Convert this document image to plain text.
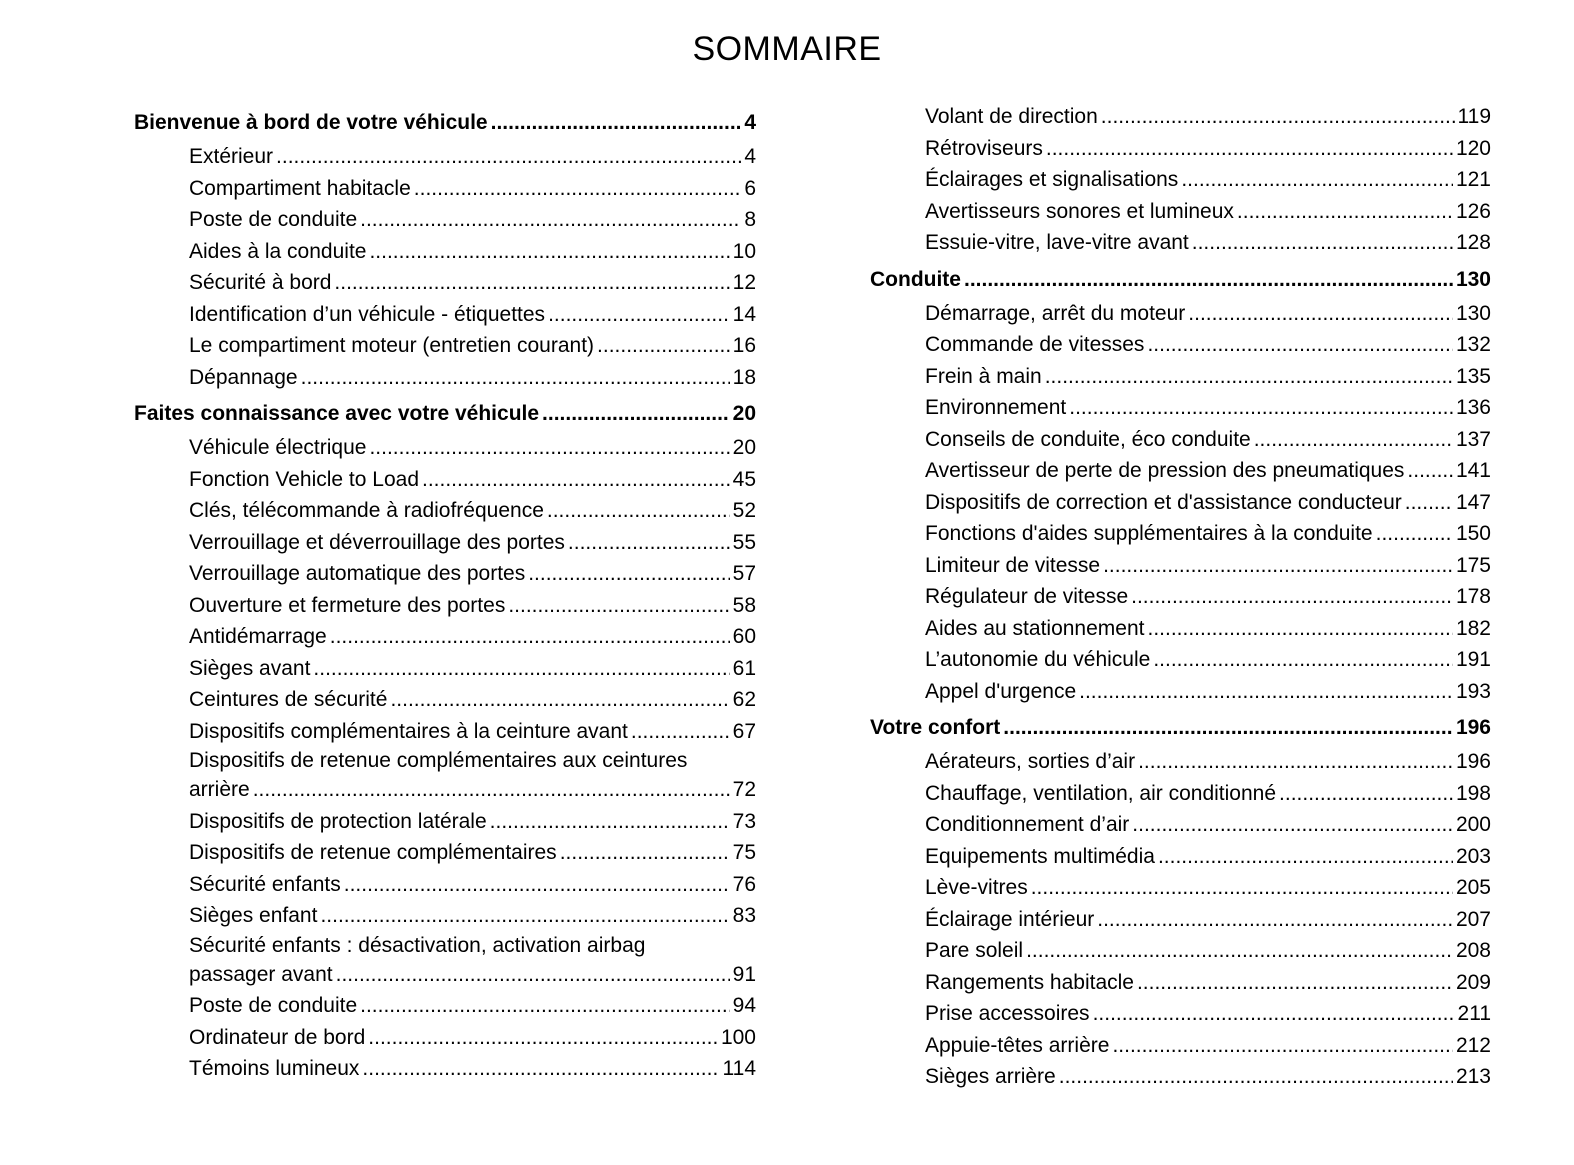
SOMMAIRE
Bienvenue à bord de votre véhicule .....	4
Extérieur .....	4
Compartiment habitacle .....	6
Poste de conduite .....	8
Aides à la conduite .....	10
Sécurité à bord .....	12
Identification d’un véhicule - étiquettes .....	14
Le compartiment moteur (entretien courant) .....	16
Dépannage .....	18
Faites connaissance avec votre véhicule .....	20
Véhicule électrique .....	20
Fonction Vehicle to Load .....	45
Clés, télécommande à radiofréquence .....	52
Verrouillage et déverrouillage des portes .....	55
Verrouillage automatique des portes .....	57
Ouverture et fermeture des portes .....	58
Antidémarrage .....	60
Sièges avant .....	61
Ceintures de sécurité .....	62
Dispositifs complémentaires à la ceinture avant .....	67
Dispositifs de retenue complémentaires aux ceintures
arrière .....	72
Dispositifs de protection latérale .....	73
Dispositifs de retenue complémentaires .....	75
Sécurité enfants .....	76
Sièges enfant .....	83
Sécurité enfants : désactivation, activation airbag
passager avant .....	91
Poste de conduite .....	94
Ordinateur de bord .....	100
Témoins lumineux .....	114
Volant de direction .....	119
Rétroviseurs .....	120
Éclairages et signalisations .....	121
Avertisseurs sonores et lumineux .....	126
Essuie-vitre, lave-vitre avant .....	128
Conduite .....	130
Démarrage, arrêt du moteur .....	130
Commande de vitesses .....	132
Frein à main .....	135
Environnement .....	136
Conseils de conduite, éco conduite .....	137
Avertisseur de perte de pression des pneumatiques ..... 141
Dispositifs de correction et d'assistance conducteur .....	147
Fonctions d'aides supplémentaires à la conduite .....	150
Limiteur de vitesse .....	175
Régulateur de vitesse .....	178
Aides au stationnement .....	182
L’autonomie du véhicule .....	191
Appel d'urgence .....	193
Votre confort .....	196
Aérateurs, sorties d’air .....	196
Chauffage, ventilation, air conditionné .....	198
Conditionnement d’air .....	200
Equipements multimédia .....	203
Lève-vitres .....	205
Éclairage intérieur .....	207
Pare soleil .....	208
Rangements habitacle .....	209
Prise accessoires .....	211
Appuie-têtes arrière .....	212
Sièges arrière .....	213
